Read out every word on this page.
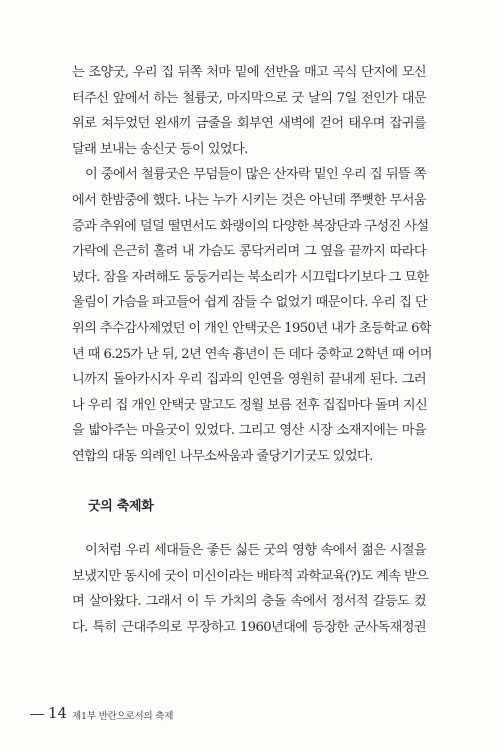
는 조양굿, 우리 집 뒤쪽 처마 밑에 선반을 매고 곡식 단지에 모신
터주신 앞에서 하는 철륭굿, 마지막으로 굿 날의 7일 전인가 대문
위로 쳐두었던 왼새끼 금줄을 회부연 새벽에 걷어 태우며 잡귀를
달래 보내는 송신굿 등이 있었다.
이 중에서 철륭굿은 무덤들이 많은 산자락 밑인 우리 집 뒤뜰 쪽
에서 한밤중에 했다. 나는 누가 시키는 것은 아닌데 쭈뼛한 무서움
증과 추위에 덜덜 떨면서도 화랭이의 다양한 복장단과 구성진 사설
가락에 은근히 홀려 내 가슴도 콩닥거리며 그 옆을 끝까지 따라다
녔다. 잠을 자려해도 둥둥거리는 북소리가 시끄럽다기보다 그 묘한
울림이 가슴을 파고들어 쉽게 잠들 수 없었기 때문이다. 우리 집 단
위의 추수감사제였던 이 개인 안택굿은 1950년 내가 초등학교 6학
년 때 6.25가 난 뒤, 2년 연속 흉년이 든 데다 중학교 2학년 때 어머
니까지 돌아가시자 우리 집과의 인연을 영원히 끝내게 된다. 그러
나 우리 집 개인 안택굿 말고도 정월 보름 전후 집집마다 돌며 지신
을 밟아주는 마을굿이 있었다. 그리고 영산 시장 소재지에는 마을
연합의 대동 의례인 나무소싸움과 줄당기기굿도 있었다.
굿의 축제화
이처럼 우리 세대들은 좋든 싫든 굿의 영향 속에서 젊은 시절을
보냈지만 동시에 굿이 미신이라는 배타적 과학교육(?)도 계속 받으
며 살아왔다. 그래서 이 두 가치의 충돌 속에서 정서적 갈등도 컸
다. 특히 근대주의로 무장하고 1960년대에 등장한 군사독재정권
14 제1부 반란으로서의 축제
